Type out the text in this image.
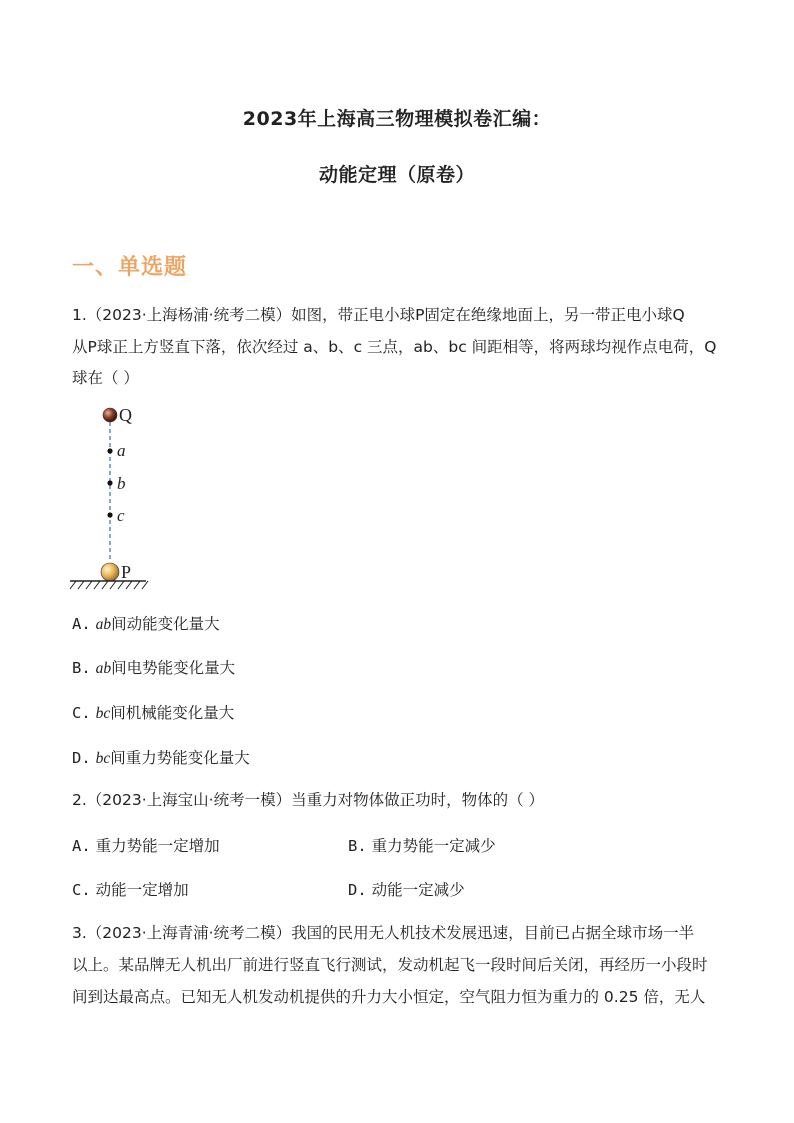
2023年上海高三物理模拟卷汇编：
动能定理（原卷）
一、单选题
1.（2023·上海杨浦·统考二模）如图，带正电小球P固定在绝缘地面上，另一带正电小球Q
从P球正上方竖直下落，依次经过 a、b、c 三点，ab、bc 间距相等，将两球均视作点电荷，Q
球在（ ）
Q
a
b
c
P
A. ab间动能变化量大
B. ab间电势能变化量大
C. bc间机械能变化量大
D. bc间重力势能变化量大
2.（2023·上海宝山·统考一模）当重力对物体做正功时，物体的（ ）
A. 重力势能一定增加	B. 重力势能一定减少
C. 动能一定增加	D. 动能一定减少
3.（2023·上海青浦·统考二模）我国的民用无人机技术发展迅速，目前已占据全球市场一半
以上。某品牌无人机出厂前进行竖直飞行测试，发动机起飞一段时间后关闭，再经历一小段时
间到达最高点。已知无人机发动机提供的升力大小恒定，空气阻力恒为重力的 0.25 倍，无人
